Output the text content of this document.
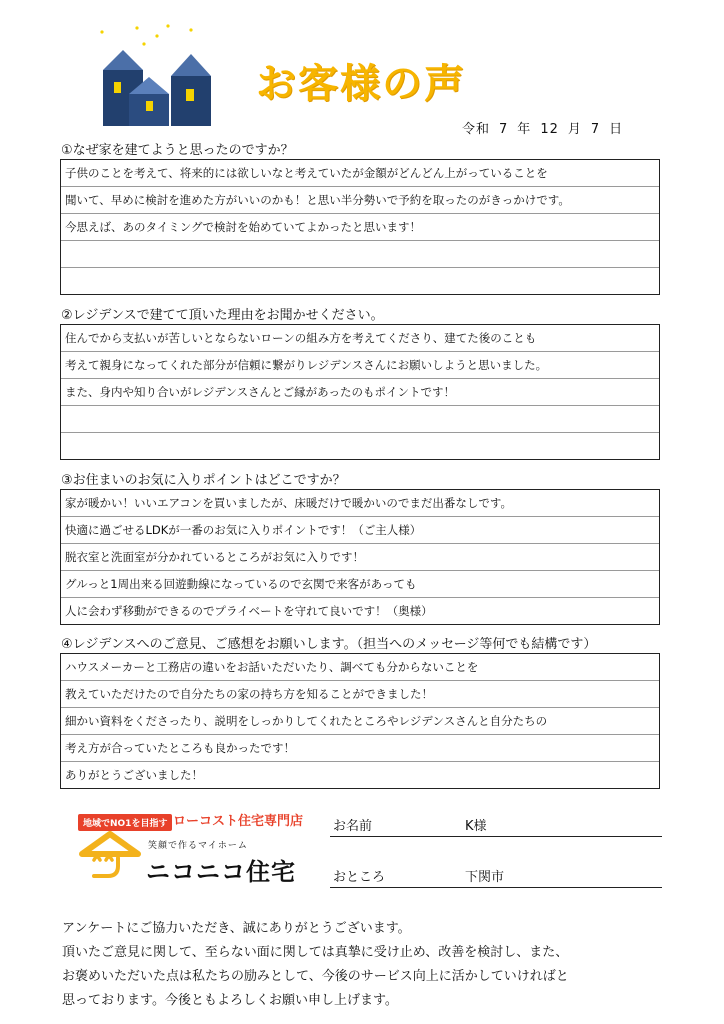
お客様の声
令和 7 年 12 月 7 日
①なぜ家を建てようと思ったのですか？
子供のことを考えて、将来的には欲しいなと考えていたが金額がどんどん上がっていることを
聞いて、早めに検討を進めた方がいいのかも！と思い半分勢いで予約を取ったのがきっかけです。
今思えば、あのタイミングで検討を始めていてよかったと思います！
②レジデンスで建てて頂いた理由をお聞かせください。
住んでから支払いが苦しいとならないローンの組み方を考えてくださり、建てた後のことも
考えて親身になってくれた部分が信頼に繋がりレジデンスさんにお願いしようと思いました。
また、身内や知り合いがレジデンスさんとご縁があったのもポイントです！
③お住まいのお気に入りポイントはどこですか？
家が暖かい！いいエアコンを買いましたが、床暖だけで暖かいのでまだ出番なしです。
快適に過ごせるLDKが一番のお気に入りポイントです！（ご主人様）
脱衣室と洗面室が分かれているところがお気に入りです！
グルっと1周出来る回遊動線になっているので玄関で来客があっても
人に会わず移動ができるのでプライベートを守れて良いです！（奥様）
④レジデンスへのご意見、ご感想をお願いします。（担当へのメッセージ等何でも結構です）
ハウスメーカーと工務店の違いをお話いただいたり、調べても分からないことを
教えていただけたので自分たちの家の持ち方を知ることができました！
細かい資料をくださったり、説明をしっかりしてくれたところやレジデンスさんと自分たちの
考え方が合っていたところも良かったです！
ありがとうございました！
地域でNO1を目指す ローコスト住宅専門店
笑顔で作るマイホーム
ニコニコ住宅
お名前	K様
おところ	下関市
アンケートにご協力いただき、誠にありがとうございます。
頂いたご意見に関して、至らない面に関しては真摯に受け止め、改善を検討し、また、
お褒めいただいた点は私たちの励みとして、今後のサービス向上に活かしていければと
思っております。今後ともよろしくお願い申し上げます。
